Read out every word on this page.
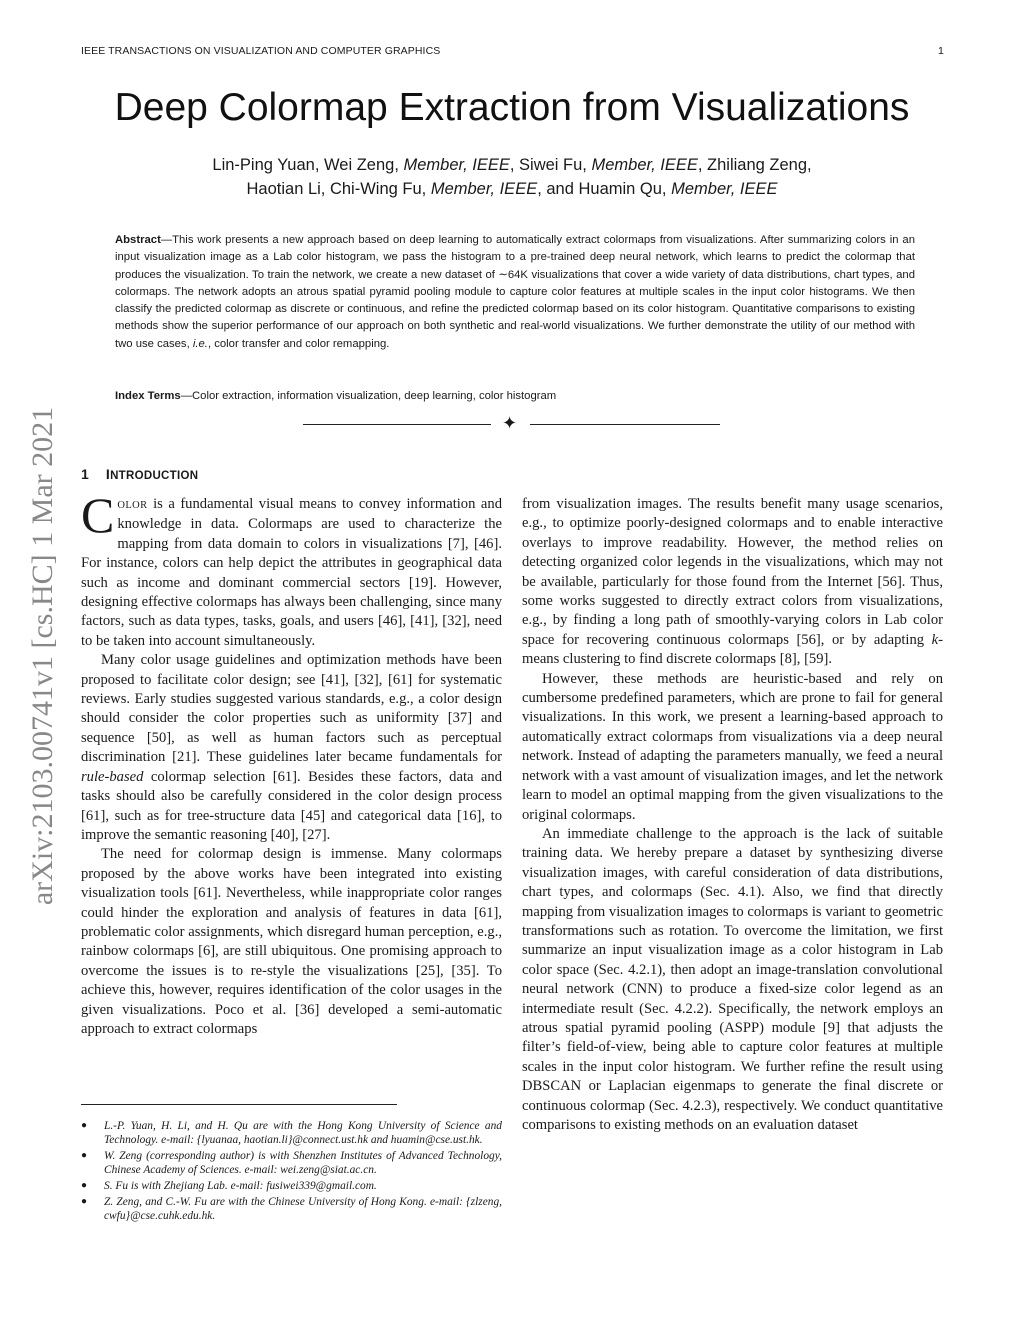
IEEE TRANSACTIONS ON VISUALIZATION AND COMPUTER GRAPHICS	1
arXiv:2103.00741v1 [cs.HC] 1 Mar 2021
Deep Colormap Extraction from Visualizations
Lin-Ping Yuan, Wei Zeng, Member, IEEE, Siwei Fu, Member, IEEE, Zhiliang Zeng,
Haotian Li, Chi-Wing Fu, Member, IEEE, and Huamin Qu, Member, IEEE
Abstract—This work presents a new approach based on deep learning to automatically extract colormaps from visualizations. After summarizing colors in an input visualization image as a Lab color histogram, we pass the histogram to a pre-trained deep neural network, which learns to predict the colormap that produces the visualization. To train the network, we create a new dataset of ∼64K visualizations that cover a wide variety of data distributions, chart types, and colormaps. The network adopts an atrous spatial pyramid pooling module to capture color features at multiple scales in the input color histograms. We then classify the predicted colormap as discrete or continuous, and refine the predicted colormap based on its color histogram. Quantitative comparisons to existing methods show the superior performance of our approach on both synthetic and real-world visualizations. We further demonstrate the utility of our method with two use cases, i.e., color transfer and color remapping.
Index Terms—Color extraction, information visualization, deep learning, color histogram
✦
1 INTRODUCTION

COLOR is a fundamental visual means to convey information and knowledge in data. Colormaps are used to characterize the mapping from data domain to colors in visualizations [7], [46]. For instance, colors can help depict the attributes in geographical data such as income and dominant commercial sectors [19]. However, designing effective colormaps has always been challenging, since many factors, such as data types, tasks, goals, and users [46], [41], [32], need to be taken into account simultaneously.

Many color usage guidelines and optimization methods have been proposed to facilitate color design; see [41], [32], [61] for systematic reviews. Early studies suggested various standards, e.g., a color design should consider the color properties such as uniformity [37] and sequence [50], as well as human factors such as perceptual discrimination [21]. These guidelines later became fundamentals for rule-based colormap selection [61]. Besides these factors, data and tasks should also be carefully considered in the color design process [61], such as for tree-structure data [45] and categorical data [16], to improve the semantic reasoning [40], [27].

The need for colormap design is immense. Many colormaps proposed by the above works have been integrated into existing visualization tools [61]. Nevertheless, while inappropriate color ranges could hinder the exploration and analysis of features in data [61], problematic color assignments, which disregard human perception, e.g., rainbow colormaps [6], are still ubiquitous. One promising approach to overcome the issues is to re-style the visualizations [25], [35]. To achieve this, however, requires identification of the color usages in the given visualizations. Poco et al. [36] developed a semi-automatic approach to extract colormaps

from visualization images. The results benefit many usage scenarios, e.g., to optimize poorly-designed colormaps and to enable interactive overlays to improve readability. However, the method relies on detecting organized color legends in the visualizations, which may not be available, particularly for those found from the Internet [56]. Thus, some works suggested to directly extract colors from visualizations, e.g., by finding a long path of smoothly-varying colors in Lab color space for recovering continuous colormaps [56], or by adapting k-means clustering to find discrete colormaps [8], [59].

However, these methods are heuristic-based and rely on cumbersome predefined parameters, which are prone to fail for general visualizations. In this work, we present a learning-based approach to automatically extract colormaps from visualizations via a deep neural network. Instead of adapting the parameters manually, we feed a neural network with a vast amount of visualization images, and let the network learn to model an optimal mapping from the given visualizations to the original colormaps.

An immediate challenge to the approach is the lack of suitable training data. We hereby prepare a dataset by synthesizing diverse visualization images, with careful consideration of data distributions, chart types, and colormaps (Sec. 4.1). Also, we find that directly mapping from visualization images to colormaps is variant to geometric transformations such as rotation. To overcome the limitation, we first summarize an input visualization image as a color histogram in Lab color space (Sec. 4.2.1), then adopt an image-translation convolutional neural network (CNN) to produce a fixed-size color legend as an intermediate result (Sec. 4.2.2). Specifically, the network employs an atrous spatial pyramid pooling (ASPP) module [9] that adjusts the filter’s field-of-view, being able to capture color features at multiple scales in the input color histogram. We further refine the result using DBSCAN or Laplacian eigenmaps to generate the final discrete or continuous colormap (Sec. 4.2.3), respectively. We conduct quantitative comparisons to existing methods on an evaluation dataset

● L.-P. Yuan, H. Li, and H. Qu are with the Hong Kong University of Science and Technology. e-mail: {lyuanaa, haotian.li}@connect.ust.hk and huamin@cse.ust.hk.
● W. Zeng (corresponding author) is with Shenzhen Institutes of Advanced Technology, Chinese Academy of Sciences. e-mail: wei.zeng@siat.ac.cn.
● S. Fu is with Zhejiang Lab. e-mail: fusiwei339@gmail.com.
● Z. Zeng, and C.-W. Fu are with the Chinese University of Hong Kong. e-mail: {zlzeng, cwfu}@cse.cuhk.edu.hk.
